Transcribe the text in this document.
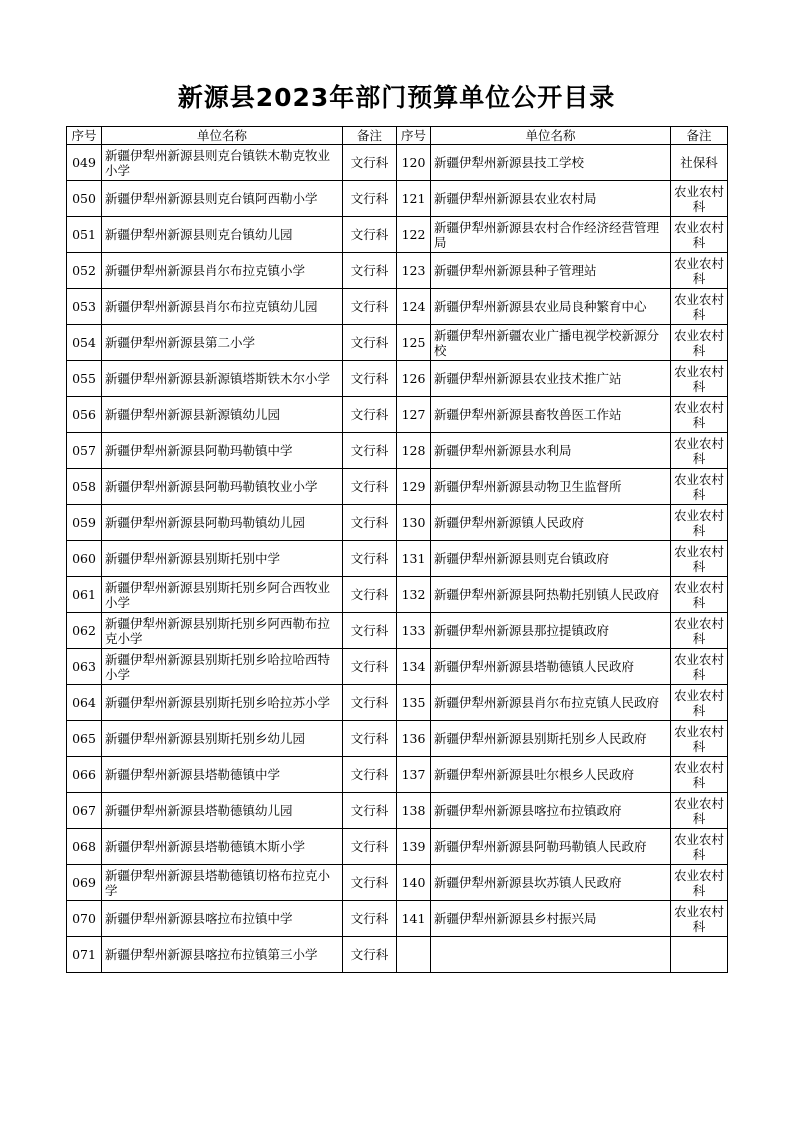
新源县2023年部门预算单位公开目录
序号	单位名称	备注	序号	单位名称	备注
049	新疆伊犁州新源县则克台镇铁木勒克牧业小学	文行科	120	新疆伊犁州新源县技工学校	社保科
050	新疆伊犁州新源县则克台镇阿西勒小学	文行科	121	新疆伊犁州新源县农业农村局	农业农村科
051	新疆伊犁州新源县则克台镇幼儿园	文行科	122	新疆伊犁州新源县农村合作经济经营管理局	农业农村科
052	新疆伊犁州新源县肖尔布拉克镇小学	文行科	123	新疆伊犁州新源县种子管理站	农业农村科
053	新疆伊犁州新源县肖尔布拉克镇幼儿园	文行科	124	新疆伊犁州新源县农业局良种繁育中心	农业农村科
054	新疆伊犁州新源县第二小学	文行科	125	新疆伊犁州新疆农业广播电视学校新源分校	农业农村科
055	新疆伊犁州新源县新源镇塔斯铁木尔小学	文行科	126	新疆伊犁州新源县农业技术推广站	农业农村科
056	新疆伊犁州新源县新源镇幼儿园	文行科	127	新疆伊犁州新源县畜牧兽医工作站	农业农村科
057	新疆伊犁州新源县阿勒玛勒镇中学	文行科	128	新疆伊犁州新源县水利局	农业农村科
058	新疆伊犁州新源县阿勒玛勒镇牧业小学	文行科	129	新疆伊犁州新源县动物卫生监督所	农业农村科
059	新疆伊犁州新源县阿勒玛勒镇幼儿园	文行科	130	新疆伊犁州新源镇人民政府	农业农村科
060	新疆伊犁州新源县别斯托别中学	文行科	131	新疆伊犁州新源县则克台镇政府	农业农村科
061	新疆伊犁州新源县别斯托别乡阿合西牧业小学	文行科	132	新疆伊犁州新源县阿热勒托别镇人民政府	农业农村科
062	新疆伊犁州新源县别斯托别乡阿西勒布拉克小学	文行科	133	新疆伊犁州新源县那拉提镇政府	农业农村科
063	新疆伊犁州新源县别斯托别乡哈拉哈西特小学	文行科	134	新疆伊犁州新源县塔勒德镇人民政府	农业农村科
064	新疆伊犁州新源县别斯托别乡哈拉苏小学	文行科	135	新疆伊犁州新源县肖尔布拉克镇人民政府	农业农村科
065	新疆伊犁州新源县别斯托别乡幼儿园	文行科	136	新疆伊犁州新源县别斯托别乡人民政府	农业农村科
066	新疆伊犁州新源县塔勒德镇中学	文行科	137	新疆伊犁州新源县吐尔根乡人民政府	农业农村科
067	新疆伊犁州新源县塔勒德镇幼儿园	文行科	138	新疆伊犁州新源县喀拉布拉镇政府	农业农村科
068	新疆伊犁州新源县塔勒德镇木斯小学	文行科	139	新疆伊犁州新源县阿勒玛勒镇人民政府	农业农村科
069	新疆伊犁州新源县塔勒德镇切格布拉克小学	文行科	140	新疆伊犁州新源县坎苏镇人民政府	农业农村科
070	新疆伊犁州新源县喀拉布拉镇中学	文行科	141	新疆伊犁州新源县乡村振兴局	农业农村科
071	新疆伊犁州新源县喀拉布拉镇第三小学	文行科			
